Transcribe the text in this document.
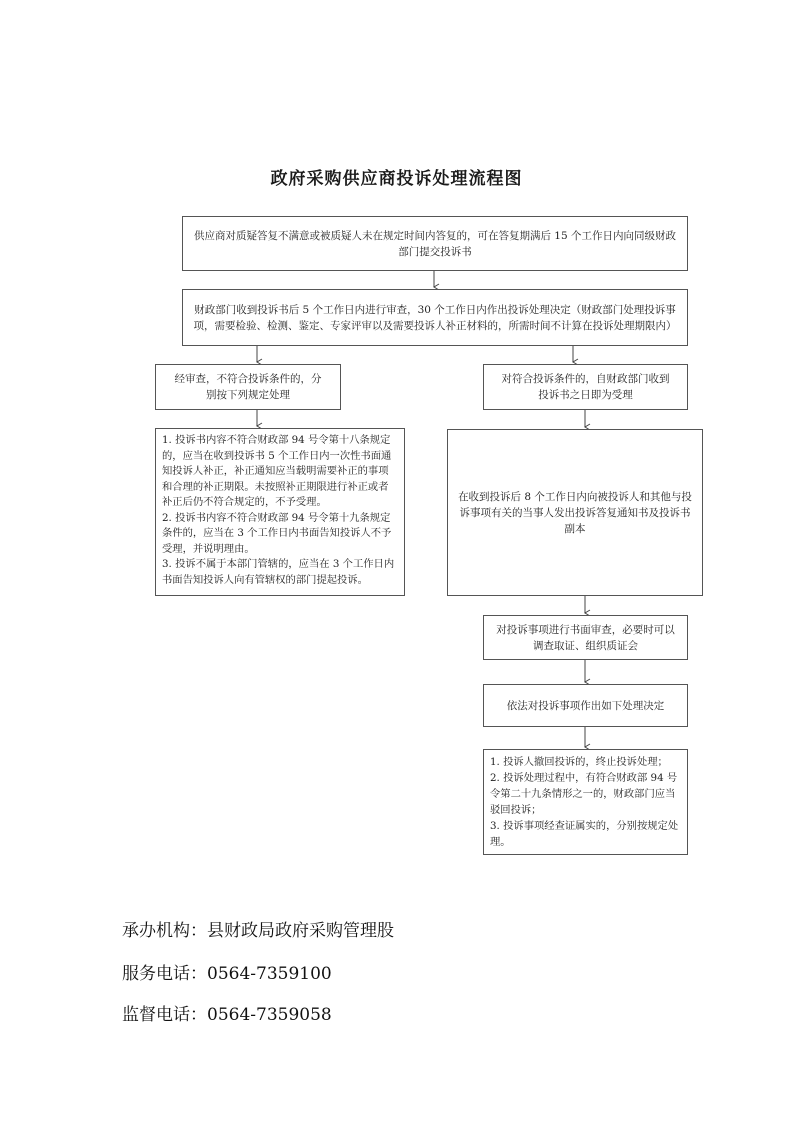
政府采购供应商投诉处理流程图
供应商对质疑答复不满意或被质疑人未在规定时间内答复的，可在答复期满后 15 个工作日内向同级财政部门提交投诉书
财政部门收到投诉书后 5 个工作日内进行审查，30 个工作日内作出投诉处理决定（财政部门处理投诉事项，需要检验、检测、鉴定、专家评审以及需要投诉人补正材料的，所需时间不计算在投诉处理期限内）
经审查，不符合投诉条件的，分别按下列规定处理
对符合投诉条件的，自财政部门收到投诉书之日即为受理
1. 投诉书内容不符合财政部 94 号令第十八条规定的，应当在收到投诉书 5 个工作日内一次性书面通知投诉人补正，补正通知应当载明需要补正的事项和合理的补正期限。未按照补正期限进行补正或者补正后仍不符合规定的，不予受理。
2. 投诉书内容不符合财政部 94 号令第十九条规定条件的，应当在 3 个工作日内书面告知投诉人不予受理，并说明理由。
3. 投诉不属于本部门管辖的，应当在 3 个工作日内书面告知投诉人向有管辖权的部门提起投诉。
在收到投诉后 8 个工作日内向被投诉人和其他与投诉事项有关的当事人发出投诉答复通知书及投诉书副本
对投诉事项进行书面审查，必要时可以调查取证、组织质证会
依法对投诉事项作出如下处理决定
1. 投诉人撤回投诉的，终止投诉处理；
2. 投诉处理过程中，有符合财政部 94 号令第二十九条情形之一的，财政部门应当驳回投诉；
3. 投诉事项经查证属实的，分别按规定处理。
承办机构：县财政局政府采购管理股
服务电话：0564-7359100
监督电话：0564-7359058
